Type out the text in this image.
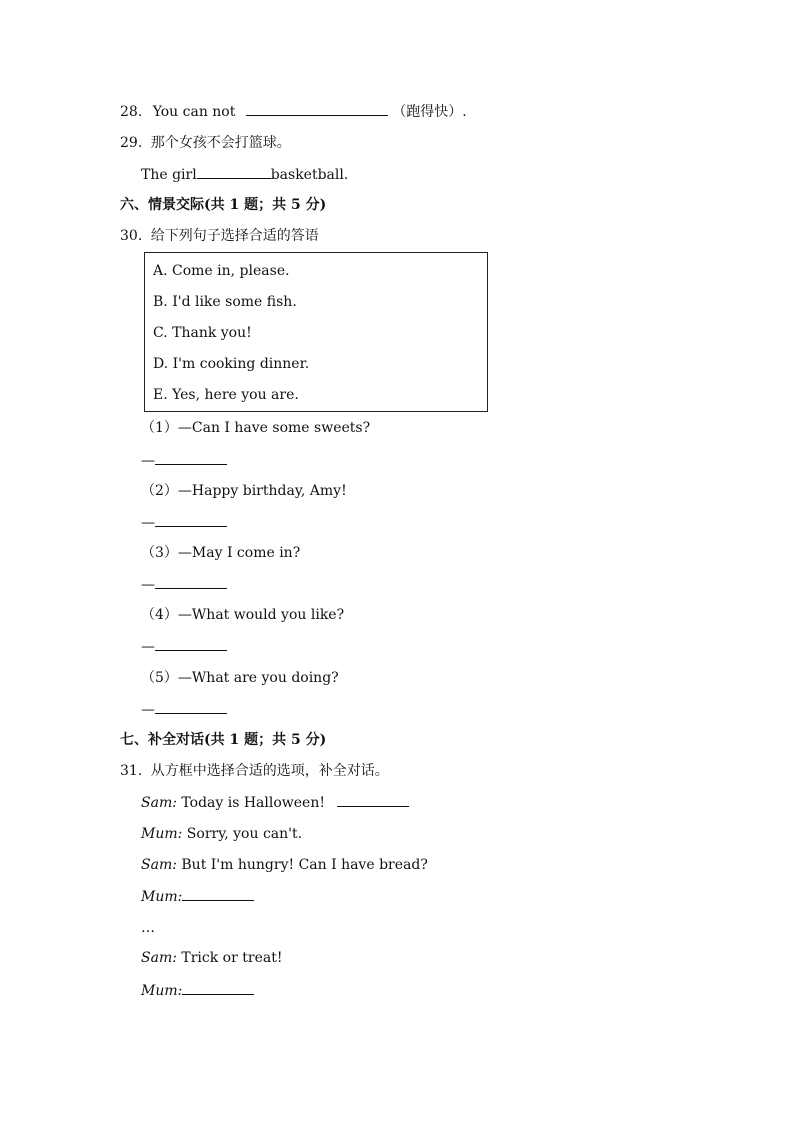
28. You can not	（跑得快）.
29. 那个女孩不会打篮球。
The girl	basketball.
六、情景交际(共 1 题；共 5 分)
30. 给下列句子选择合适的答语
A. Come in, please.
B. I'd like some fish.
C. Thank you!
D. I'm cooking dinner.
E. Yes, here you are.
（1）—Can I have some sweets?
—
（2）—Happy birthday, Amy!
—
（3）—May I come in?
—
（4）—What would you like?
—
（5）—What are you doing?
—
七、补全对话(共 1 题；共 5 分)
31. 从方框中选择合适的选项，补全对话。
Sam: Today is Halloween!
Mum: Sorry, you can't.
Sam: But I'm hungry! Can I have bread?
Mum:
…
Sam: Trick or treat!
Mum:
